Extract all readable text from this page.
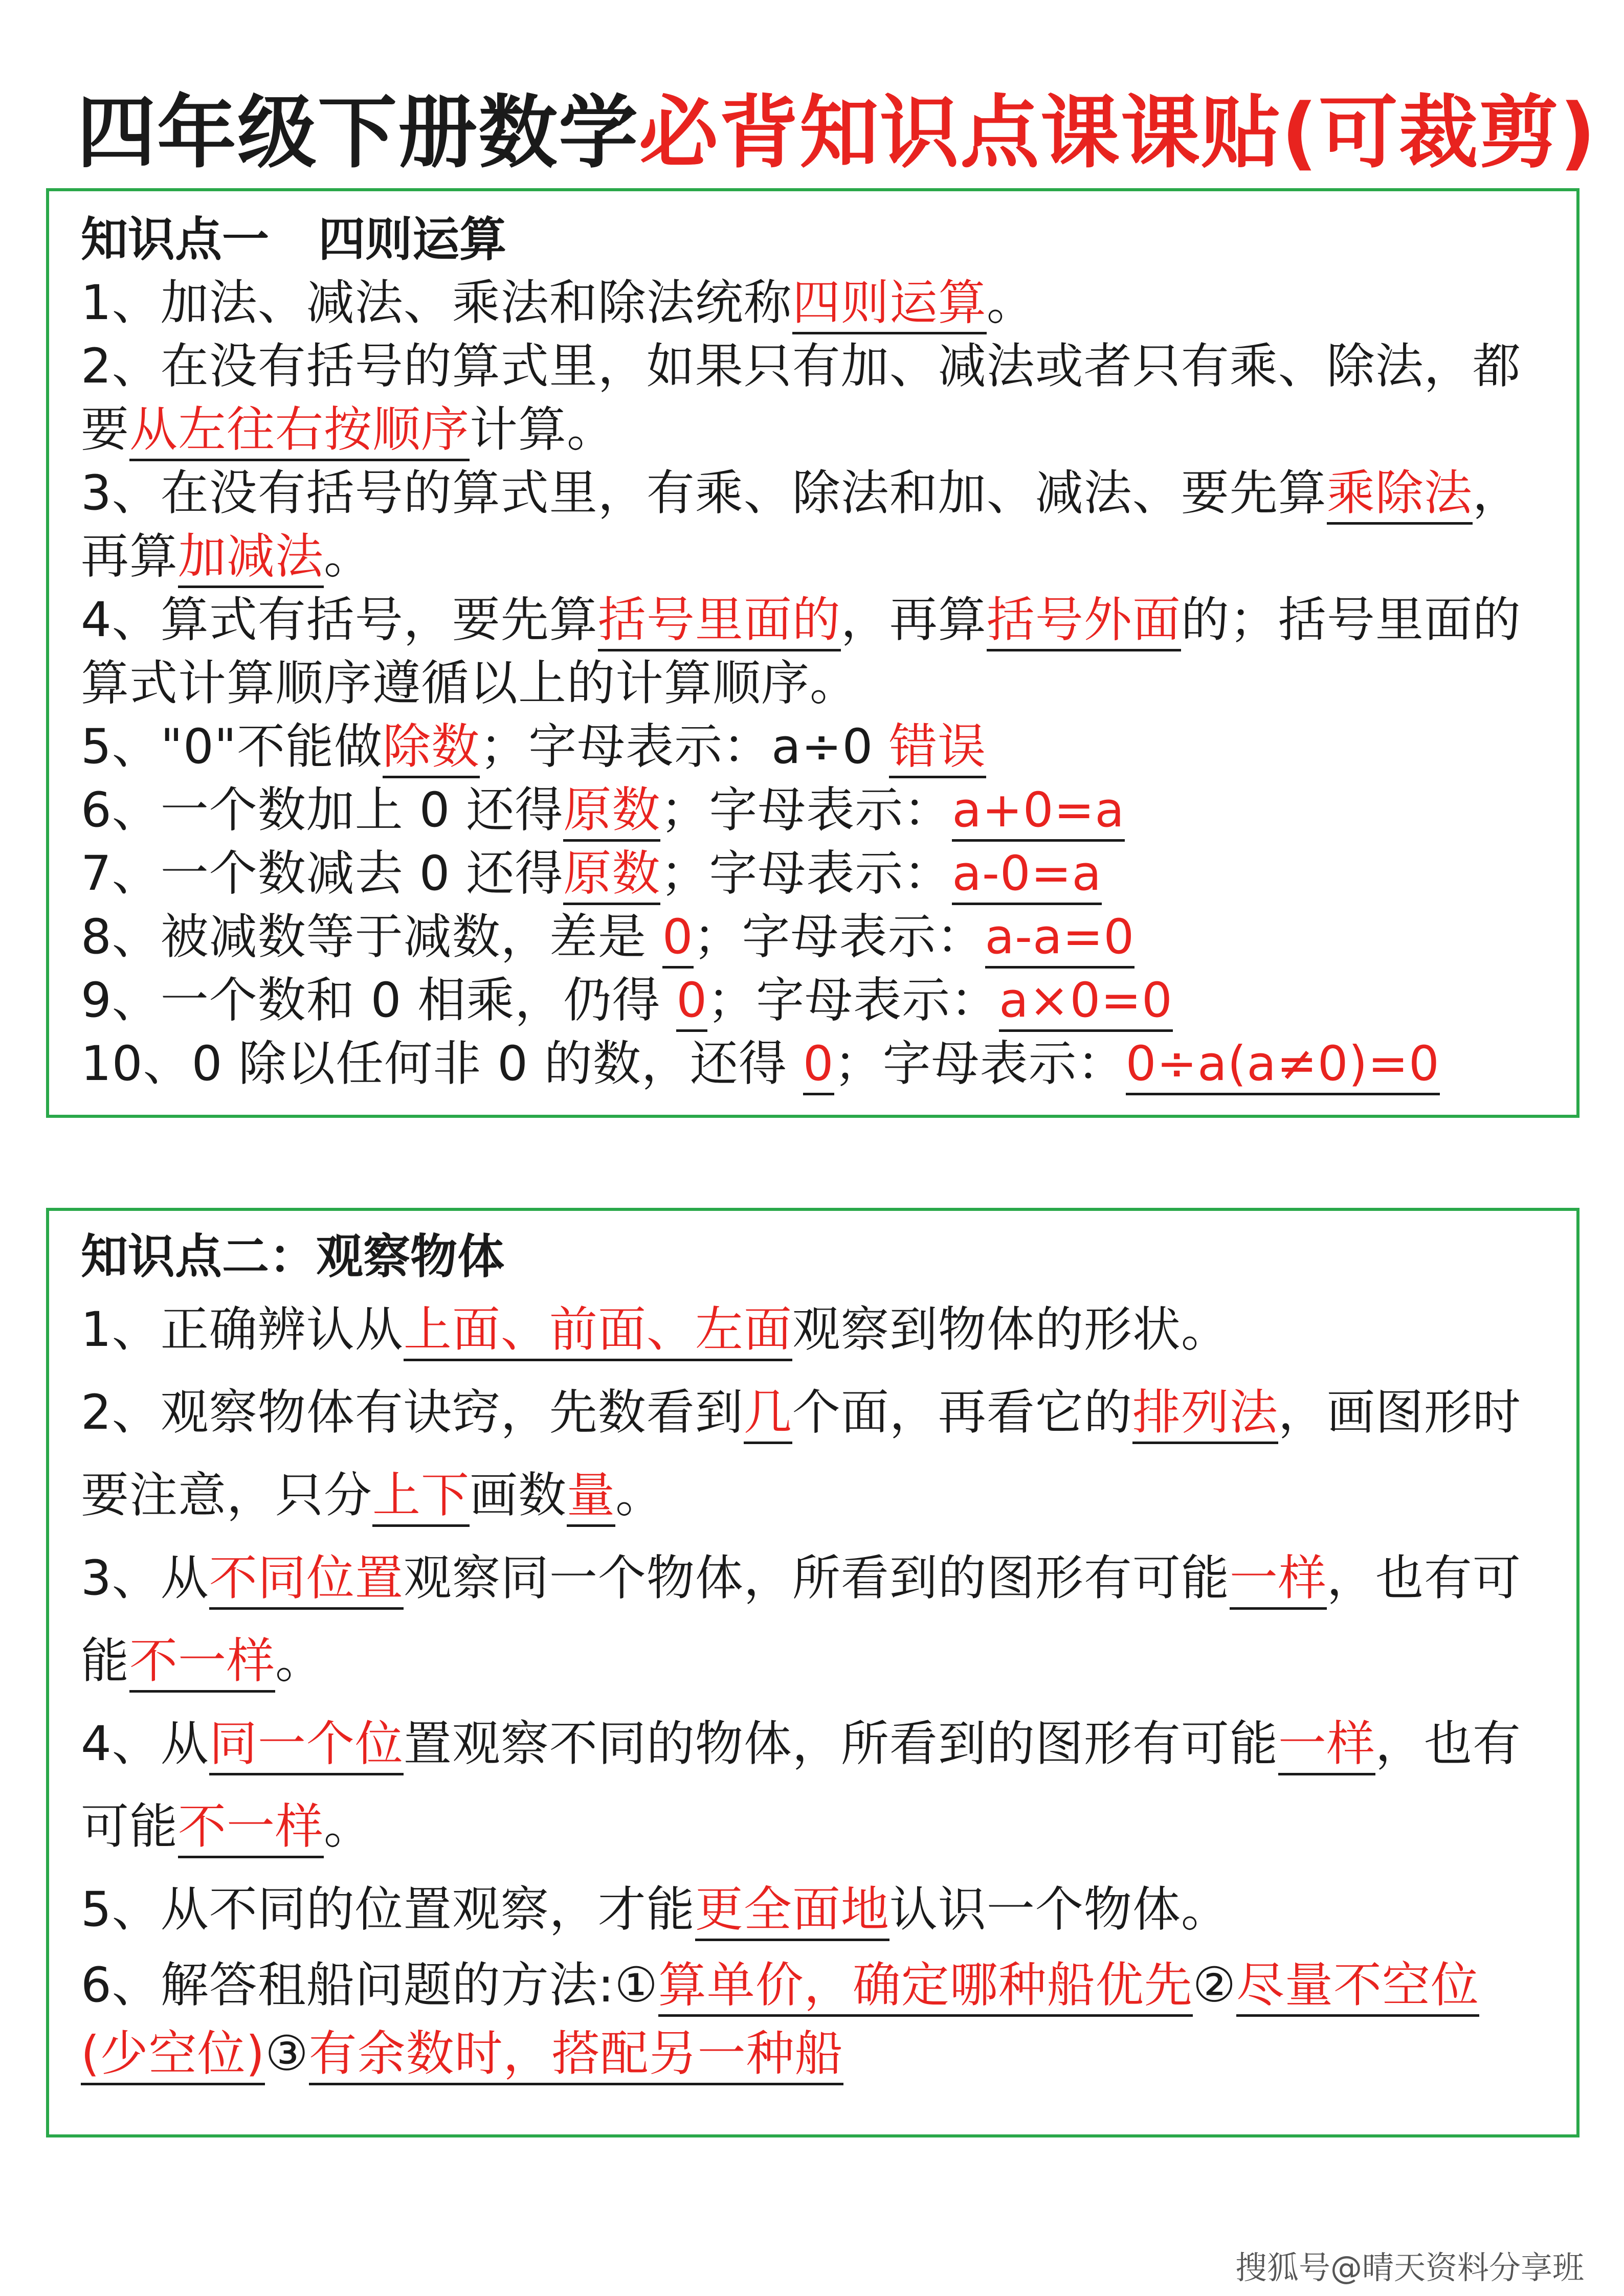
四年级下册数学必背知识点课课贴(可裁剪)
知识点一   四则运算
1、加法、减法、乘法和除法统称四则运算。
2、在没有括号的算式里，如果只有加、减法或者只有乘、除法，都要从左往右按顺序计算。
3、在没有括号的算式里，有乘、除法和加、减法、要先算乘除法，再算加减法。
4、算式有括号，要先算括号里面的，再算括号外面的；括号里面的算式计算顺序遵循以上的计算顺序。
5、"0"不能做除数；字母表示：a÷0 错误
6、一个数加上 0 还得原数；字母表示：a+0=a
7、一个数减去 0 还得原数；字母表示：a-0=a
8、被减数等于减数，差是 0；字母表示：a-a=0
9、一个数和 0 相乘，仍得 0；字母表示：a×0=0
10、0 除以任何非 0 的数，还得 0；字母表示：0÷a(a≠0)=0
知识点二：观察物体
1、正确辨认从上面、前面、左面观察到物体的形状。
2、观察物体有诀窍，先数看到几个面，再看它的排列法，画图形时要注意，只分上下画数量。
3、从不同位置观察同一个物体，所看到的图形有可能一样，也有可能不一样。
4、从同一个位置观察不同的物体，所看到的图形有可能一样，也有可能不一样。
5、从不同的位置观察，才能更全面地认识一个物体。
6、解答租船问题的方法:①算单价，确定哪种船优先②尽量不空位(少空位)③有余数时，搭配另一种船
搜狐号@晴天资料分享班
